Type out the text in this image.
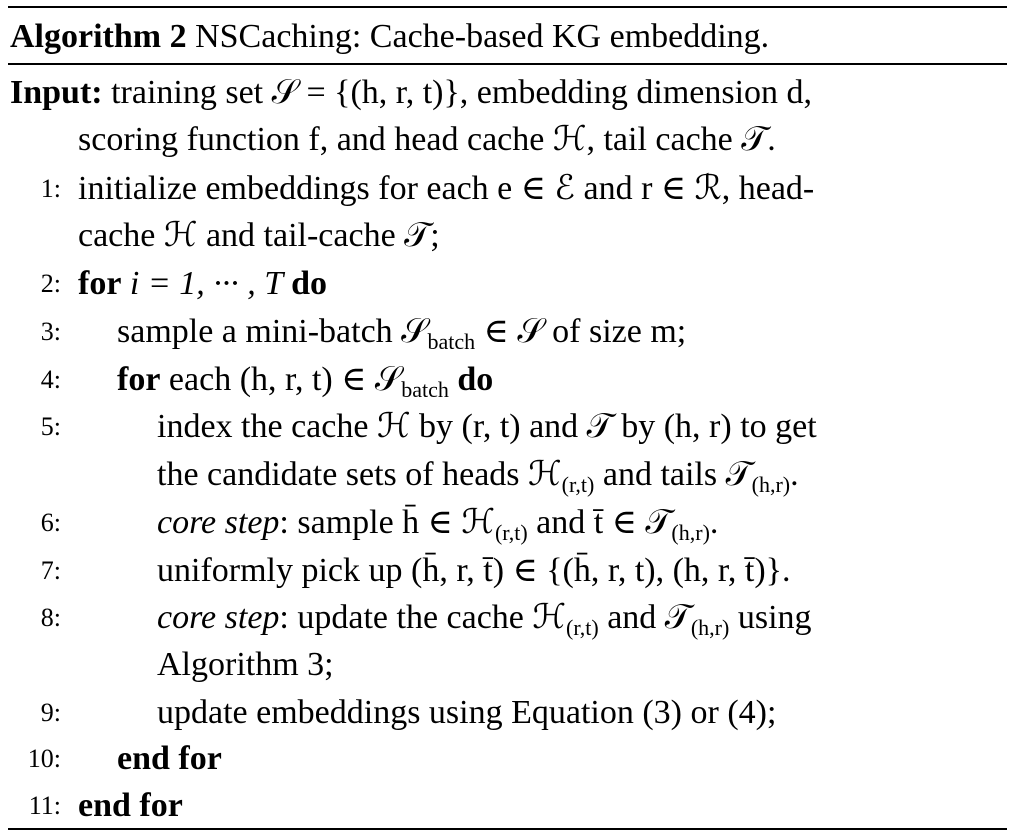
Algorithm 2 NSCaching: Cache-based KG embedding.
Input: training set 𝒮 = {(h, r, t)}, embedding dimension d,
scoring function f, and head cache ℋ, tail cache 𝒯.
1: initialize embeddings for each e ∈ ℰ and r ∈ ℛ, head-
cache ℋ and tail-cache 𝒯;
2: for i = 1, ··· , T do
3: sample a mini-batch 𝒮$_{batch}$ ∈ 𝒮 of size m;
4: for each (h, r, t) ∈ 𝒮$_{batch}$ do
5:	index the cache ℋ by (r, t) and 𝒯 by (h, r) to get
the candidate sets of heads ℋ$_{(r,t)}$ and tails 𝒯$_{(h,r)}$.
6:	core step: sample h̄ ∈ ℋ$_{(r,t)}$ and t̄ ∈ 𝒯$_{(h,r)}$.
7:	uniformly pick up (h̄, r, t̄) ∈ {(h̄, r, t), (h, r, t̄)}.
8:	core step: update the cache ℋ$_{(r,t)}$ and 𝒯$_{(h,r)}$ using
Algorithm 3;
9:	update embeddings using Equation (3) or (4);
10: end for
11: end for
